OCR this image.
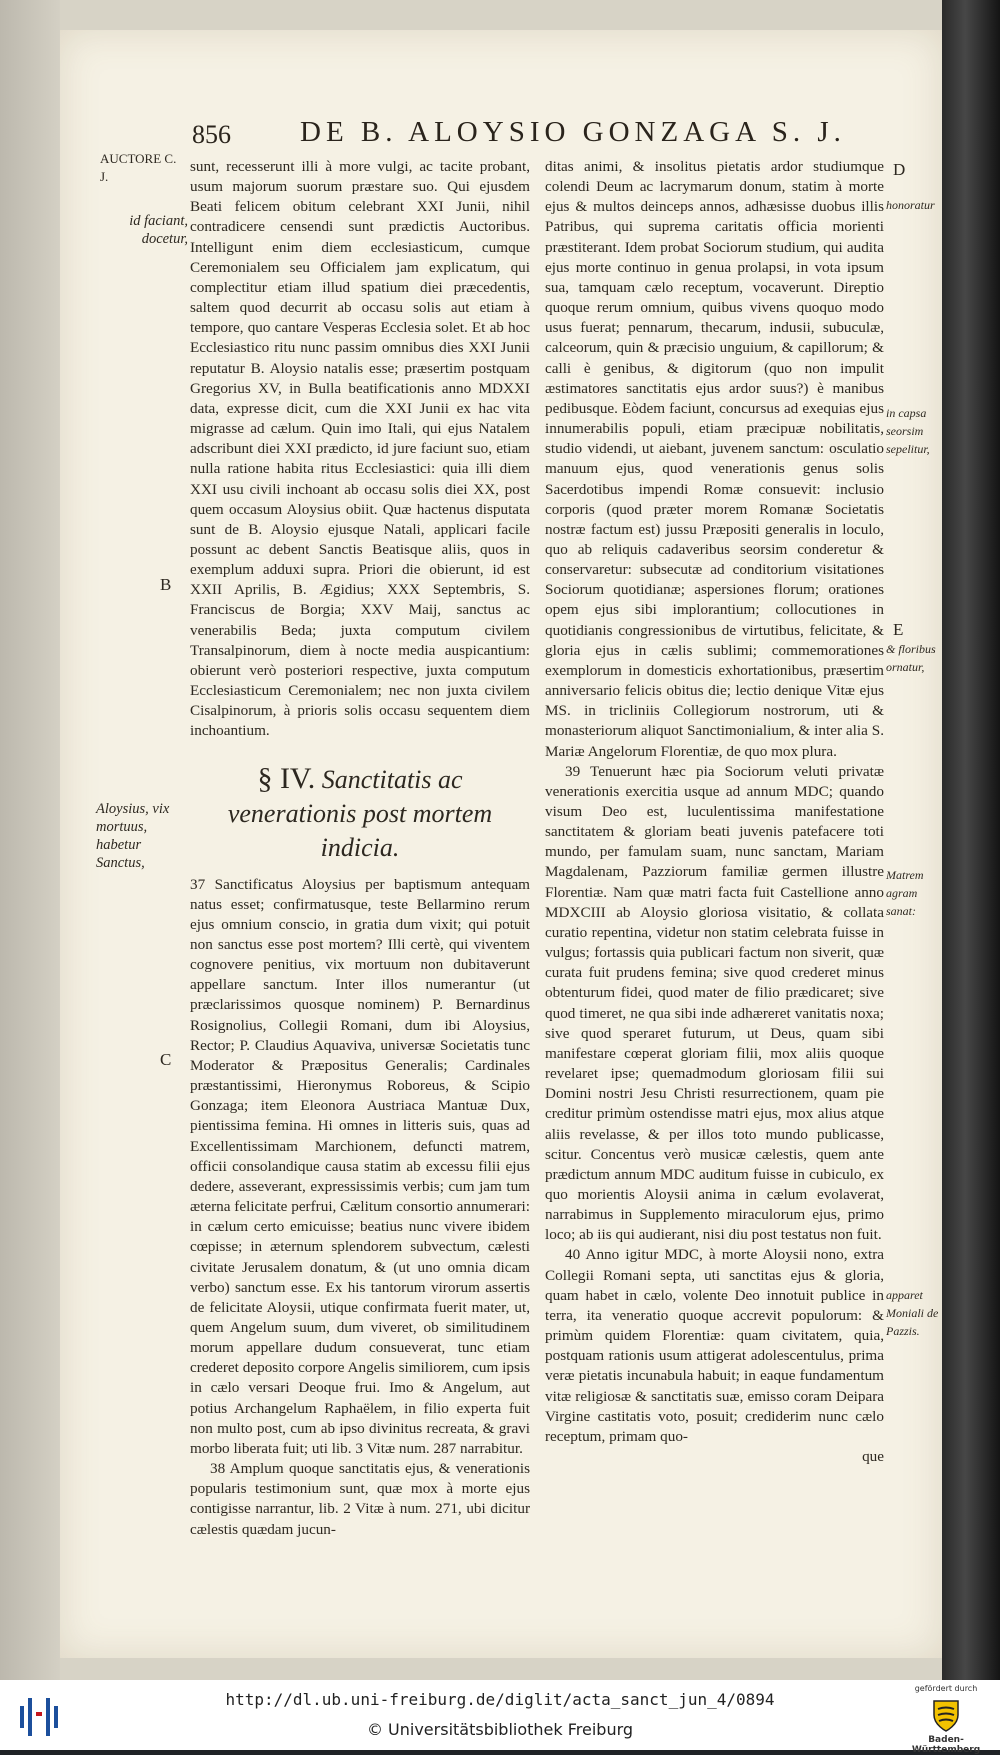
856 DE B. ALOYSIO GONZAGA S. J.
AUCTORE C. J.
id faciant, docetur,
Aloysius, vix mortuus, habetur Sanctus,
B
C
D
E
honoratur
in capsa seorsim sepelitur,
& floribus ornatur,
Matrem agram sanat:
apparet Moniali de Pazzis.

sunt, recesserunt illi à more vulgi, ac tacite probant, usum majorum suorum præstare suo. Qui ejusdem Beati felicem obitum celebrant XXI Junii, nihil contradicere censendi sunt prædictis Auctoribus. Intelligunt enim diem ecclesiasticum, cumque Ceremonialem seu Officialem jam explicatum, qui complectitur etiam illud spatium diei præcedentis, saltem quod decurrit ab occasu solis aut etiam à tempore, quo cantare Vesperas Ecclesia solet. Et ab hoc Ecclesiastico ritu nunc passim omnibus dies XXI Junii reputatur B. Aloysio natalis esse; præsertim postquam Gregorius XV, in Bulla beatificationis anno MDXXI data, expresse dicit, cum die XXI Junii ex hac vita migrasse ad cælum. Quin imo Itali, qui ejus Natalem adscribunt diei XXI prædicto, id jure faciunt suo, etiam nulla ratione habita ritus Ecclesiastici: quia illi diem XXI usu civili inchoant ab occasu solis diei XX, post quem occasum Aloysius obiit. Quæ hactenus disputata sunt de B. Aloysio ejusque Natali, applicari facile possunt ac debent Sanctis Beatisque aliis, quos in exemplum adduxi supra. Priori die obierunt, id est XXII Aprilis, B. Ægidius; XXX Septembris, S. Franciscus de Borgia; XXV Maij, sanctus ac venerabilis Beda; juxta computum civilem Transalpinorum, diem à nocte media auspicantium: obierunt verò posteriori respective, juxta computum Ecclesiasticum Ceremonialem; nec non juxta civilem Cisalpinorum, à prioris solis occasu sequentem diem inchoantium.

§ IV. Sanctitatis ac venerationis post mortem indicia.

37 Sanctificatus Aloysius per baptismum antequam natus esset; confirmatusque, teste Bellarmino rerum ejus omnium conscio, in gratia dum vixit; qui potuit non sanctus esse post mortem? Illi certè, qui viventem cognovere penitius, vix mortuum non dubitaverunt appellare sanctum. Inter illos numerantur (ut præclarissimos quosque nominem) P. Bernardinus Rosignolius, Collegii Romani, dum ibi Aloysius, Rector; P. Claudius Aquaviva, universæ Societatis tunc Moderator & Præpositus Generalis; Cardinales præstantissimi, Hieronymus Roboreus, & Scipio Gonzaga; item Eleonora Austriaca Mantuæ Dux, pientissima femina. Hi omnes in litteris suis, quas ad Excellentissimam Marchionem, defuncti matrem, officii consolandique causa statim ab excessu filii ejus dedere, asseverant, expressissimis verbis; cum jam tum æterna felicitate perfrui, Cælitum consortio annumerari: in cælum certo emicuisse; beatius nunc vivere ibidem cœpisse; in æternum splendorem subvectum, cælesti civitate Jerusalem donatum, & (ut uno omnia dicam verbo) sanctum esse. Ex his tantorum virorum assertis de felicitate Aloysii, utique confirmata fuerit mater, ut, quem Angelum suum, dum viveret, ob similitudinem morum appellare dudum consueverat, tunc etiam crederet deposito corpore Angelis similiorem, cum ipsis in cælo versari Deoque frui. Imo & Angelum, aut potius Archangelum Raphaëlem, in filio experta fuit non multo post, cum ab ipso divinitus recreata, & gravi morbo liberata fuit; uti lib. 3 Vitæ num. 287 narrabitur.

38 Amplum quoque sanctitatis ejus, & venerationis popularis testimonium sunt, quæ mox à morte ejus contigisse narrantur, lib. 2 Vitæ à num. 271, ubi dicitur cælestis quædam jucun-

ditas animi, & insolitus pietatis ardor studiumque colendi Deum ac lacrymarum donum, statim à morte ejus & multos deinceps annos, adhæsisse duobus illis Patribus, qui suprema caritatis officia morienti præstiterant. Idem probat Sociorum studium, qui audita ejus morte continuo in genua prolapsi, in vota ipsum sua, tamquam cælo receptum, vocaverunt. Direptio quoque rerum omnium, quibus vivens quoquo modo usus fuerat; pennarum, thecarum, indusii, subuculæ, calceorum, quin & præcisio unguium, & capillorum; & calli è genibus, & digitorum (quo non impulit æstimatores sanctitatis ejus ardor suus?) è manibus pedibusque. Eòdem faciunt, concursus ad exequias ejus innumerabilis populi, etiam præcipuæ nobilitatis, studio videndi, ut aiebant, juvenem sanctum: osculatio manuum ejus, quod venerationis genus solis Sacerdotibus impendi Romæ consuevit: inclusio corporis (quod præter morem Romanæ Societatis nostræ factum est) jussu Præpositi generalis in loculo, quo ab reliquis cadaveribus seorsim conderetur & conservaretur: subsecutæ ad conditorium visitationes Sociorum quotidianæ; aspersiones florum; orationes opem ejus sibi implorantium; collocutiones in quotidianis congressionibus de virtutibus, felicitate, & gloria ejus in cælis sublimi; commemorationes exemplorum in domesticis exhortationibus, præsertim anniversario felicis obitus die; lectio denique Vitæ ejus MS. in tricliniis Collegiorum nostrorum, uti & monasteriorum aliquot Sanctimonialium, & inter alia S. Mariæ Angelorum Florentiæ, de quo mox plura.

39 Tenuerunt hæc pia Sociorum veluti privatæ venerationis exercitia usque ad annum MDC; quando visum Deo est, luculentissima manifestatione sanctitatem & gloriam beati juvenis patefacere toti mundo, per famulam suam, nunc sanctam, Mariam Magdalenam, Pazziorum familiæ germen illustre Florentiæ. Nam quæ matri facta fuit Castellione anno MDXCIII ab Aloysio gloriosa visitatio, & collata curatio repentina, videtur non statim celebrata fuisse in vulgus; fortassis quia publicari factum non siverit, quæ curata fuit prudens femina; sive quod crederet minus obtenturum fidei, quod mater de filio prædicaret; sive quod timeret, ne qua sibi inde adhæreret vanitatis noxa; sive quod speraret futurum, ut Deus, quam sibi manifestare cœperat gloriam filii, mox aliis quoque revelaret ipse; quemadmodum gloriosam filii sui Domini nostri Jesu Christi resurrectionem, quam pie creditur primùm ostendisse matri ejus, mox alius atque aliis revelasse, & per illos toto mundo publicasse, scitur. Concentus verò musicæ cælestis, quem ante prædictum annum MDC auditum fuisse in cubiculo, ex quo morientis Aloysii anima in cælum evolaverat, narrabimus in Supplemento miraculorum ejus, primo loco; ab iis qui audierant, nisi diu post testatus non fuit.

40 Anno igitur MDC, à morte Aloysii nono, extra Collegii Romani septa, uti sanctitas ejus & gloria, quam habet in cælo, volente Deo innotuit publice in terra, ita veneratio quoque accrevit populorum: & primùm quidem Florentiæ: quam civitatem, quia, postquam rationis usum attigerat adolescentulus, prima veræ pietatis incunabula habuit; in eaque fundamentum vitæ religiosæ & sanctitatis suæ, emisso coram Deipara Virgine castitatis voto, posuit; crediderim nunc cælo receptum, primam quo-

que

http://dl.ub.uni-freiburg.de/diglit/acta_sanct_jun_4/0894
© Universitätsbibliothek Freiburg
gefördert durch
Baden-Württemberg
